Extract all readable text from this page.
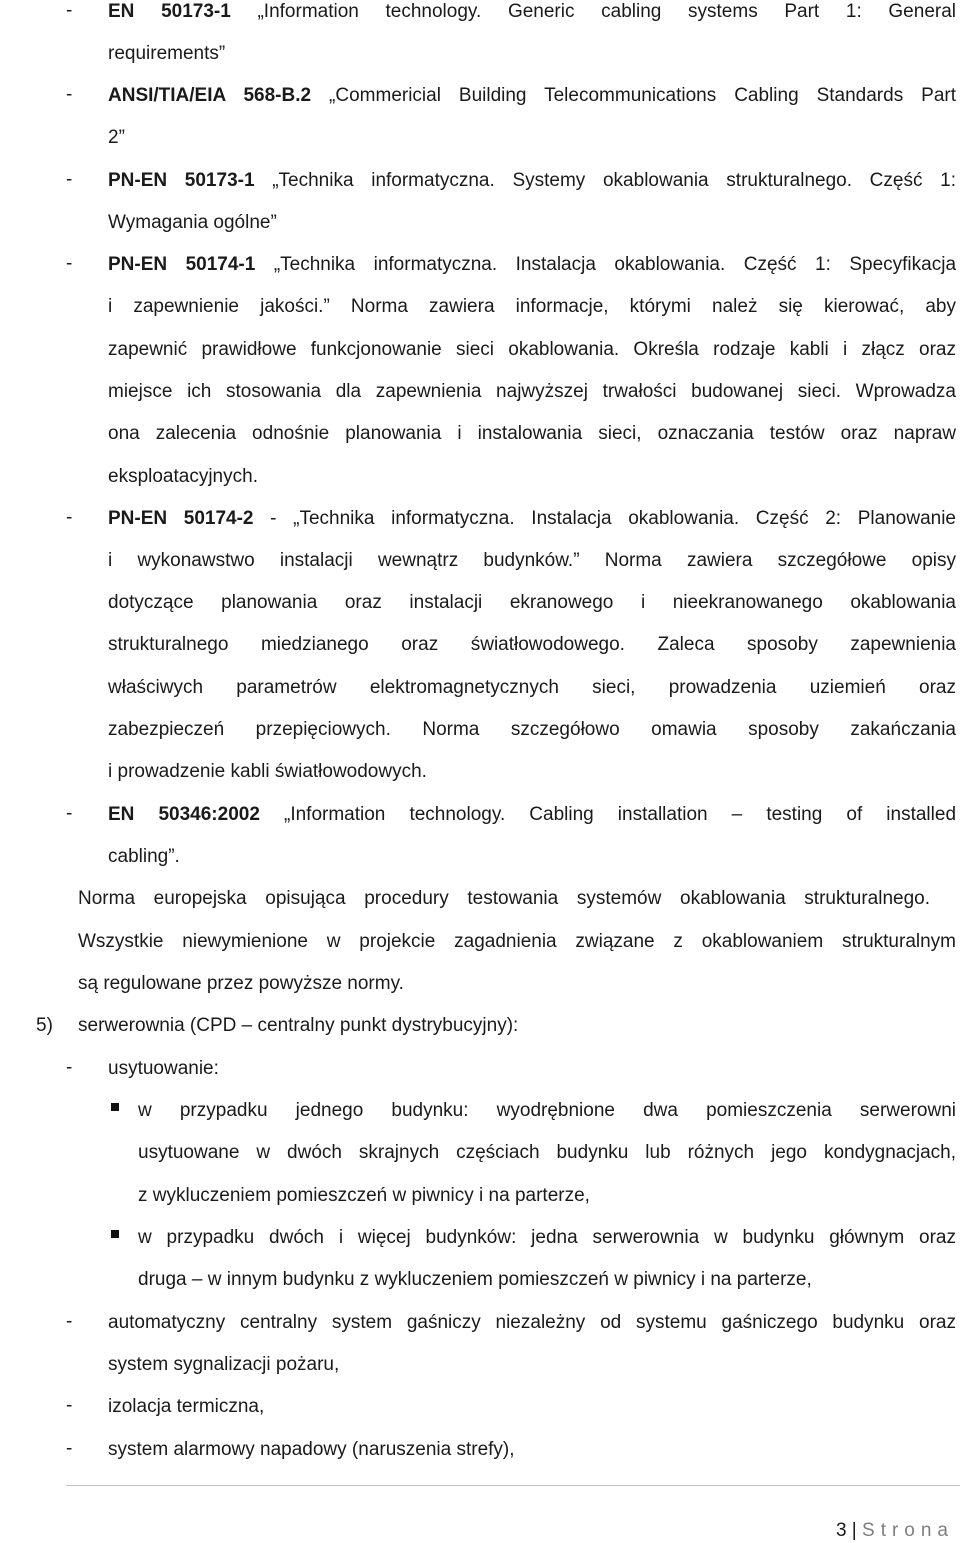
- EN 50173-1 „Information technology. Generic cabling systems Part 1: General
requirements”
- ANSI/TIA/EIA 568-B.2 „Commericial Building Telecommunications Cabling Standards Part
2”
- PN-EN 50173-1 „Technika informatyczna. Systemy okablowania strukturalnego. Część 1:
Wymagania ogólne”
- PN-EN 50174-1 „Technika informatyczna. Instalacja okablowania. Część 1: Specyfikacja
i zapewnienie jakości.” Norma zawiera informacje, którymi należ się kierować, aby
zapewnić prawidłowe funkcjonowanie sieci okablowania. Określa rodzaje kabli i złącz oraz
miejsce ich stosowania dla zapewnienia najwyższej trwałości budowanej sieci. Wprowadza
ona zalecenia odnośnie planowania i instalowania sieci, oznaczania testów oraz napraw
eksploatacyjnych.
- PN-EN 50174-2 - „Technika informatyczna. Instalacja okablowania. Część 2: Planowanie
i wykonawstwo instalacji wewnątrz budynków.” Norma zawiera szczegółowe opisy
dotyczące planowania oraz instalacji ekranowego i nieekranowanego okablowania
strukturalnego miedzianego oraz światłowodowego. Zaleca sposoby zapewnienia
właściwych parametrów elektromagnetycznych sieci, prowadzenia uziemień oraz
zabezpieczeń przepięciowych. Norma szczegółowo omawia sposoby zakańczania
i prowadzenie kabli światłowodowych.
- EN 50346:2002 „Information technology. Cabling installation – testing of installed
cabling”.
Norma europejska opisująca procedury testowania systemów okablowania strukturalnego.
Wszystkie niewymienione w projekcie zagadnienia związane z okablowaniem strukturalnym
są regulowane przez powyższe normy.
5) serwerownia (CPD – centralny punkt dystrybucyjny):
- usytuowanie:
w przypadku jednego budynku: wyodrębnione dwa pomieszczenia serwerowni
usytuowane w dwóch skrajnych częściach budynku lub różnych jego kondygnacjach,
z wykluczeniem pomieszczeń w piwnicy i na parterze,
w przypadku dwóch i więcej budynków: jedna serwerownia w budynku głównym oraz
druga – w innym budynku z wykluczeniem pomieszczeń w piwnicy i na parterze,
- automatyczny centralny system gaśniczy niezależny od systemu gaśniczego budynku oraz
system sygnalizacji pożaru,
- izolacja termiczna,
- system alarmowy napadowy (naruszenia strefy),
3 | Strona
